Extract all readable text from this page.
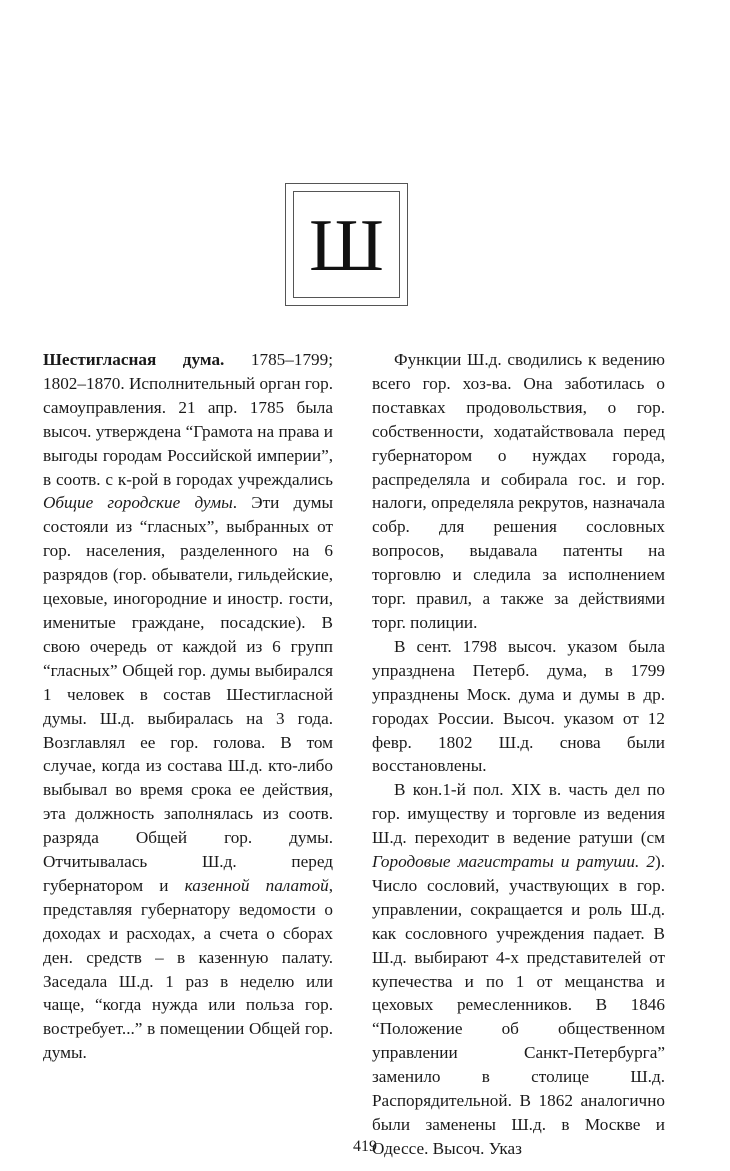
Ш

Шестигласная дума. 1785–1799; 1802–1870. Исполнительный орган гор. самоуправления. 21 апр. 1785 была высоч. утверждена “Грамота на права и выгоды городам Российской империи”, в соотв. с к-рой в городах учреждались Общие городские думы. Эти думы состояли из “гласных”, выбранных от гор. населения, разделенного на 6 разрядов (гор. обыватели, гильдейские, цеховые, иногородние и иностр. гости, именитые граждане, посадские). В свою очередь от каждой из 6 групп “гласных” Общей гор. думы выбирался 1 человек в состав Шестигласной думы. Ш.д. выбиралась на 3 года. Возглавлял ее гор. голова. В том случае, когда из состава Ш.д. кто-либо выбывал во время срока ее действия, эта должность заполнялась из соотв. разряда Общей гор. думы. Отчитывалась Ш.д. перед губернатором и казенной палатой, представляя губернатору ведомости о доходах и расходах, а счета о сборах ден. средств – в казенную палату. Заседала Ш.д. 1 раз в неделю или чаще, “когда нужда или польза гор. востребует...” в помещении Общей гор. думы.

Функции Ш.д. сводились к ведению всего гор. хоз-ва. Она заботилась о поставках продовольствия, о гор. собственности, ходатайствовала перед губернатором о нуждах города, распределяла и собирала гос. и гор. налоги, определяла рекрутов, назначала собр. для решения сословных вопросов, выдавала патенты на торговлю и следила за исполнением торг. правил, а также за действиями торг. полиции.

В сент. 1798 высоч. указом была упразднена Петерб. дума, в 1799 упразднены Моск. дума и думы в др. городах России. Высоч. указом от 12 февр. 1802 Ш.д. снова были восстановлены.

В кон.1-й пол. XIX в. часть дел по гор. имуществу и торговле из ведения Ш.д. переходит в ведение ратуши (см Городовые магистраты и ратуши. 2). Число сословий, участвующих в гор. управлении, сокращается и роль Ш.д. как сословного учреждения падает. В Ш.д. выбирают 4-х представителей от купечества и по 1 от мещанства и цеховых ремесленников. В 1846 “Положение об общественном управлении Санкт-Петербурга” заменило в столице Ш.д. Распорядительной. В 1862 аналогично были заменены Ш.д. в Москве и Одессе. Высоч. Указ

419
